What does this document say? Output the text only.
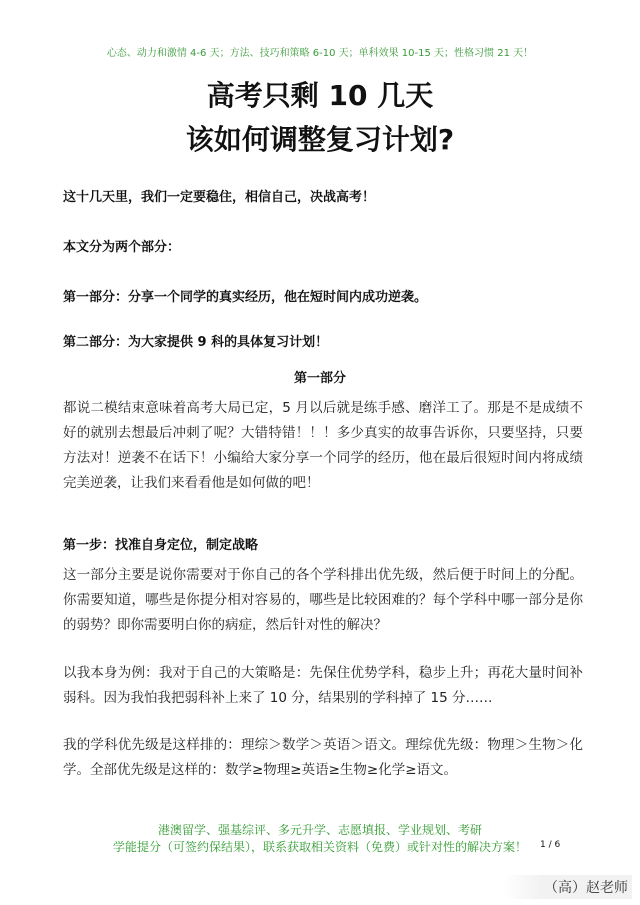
心态、动力和激情 4-6 天；方法、技巧和策略 6-10 天；单科效果 10-15 天；性格习惯 21 天！
高考只剩 10 几天
该如何调整复习计划?
这十几天里，我们一定要稳住，相信自己，决战高考！
本文分为两个部分：
第一部分：分享一个同学的真实经历，他在短时间内成功逆袭。
第二部分：为大家提供 9 科的具体复习计划！
第一部分
都说二模结束意味着高考大局已定，5 月以后就是练手感、磨洋工了。那是不是成绩不好的就别去想最后冲刺了呢？大错特错！！！多少真实的故事告诉你，只要坚持，只要方法对！逆袭不在话下！小编给大家分享一个同学的经历，他在最后很短时间内将成绩完美逆袭，让我们来看看他是如何做的吧！
第一步：找准自身定位，制定战略
这一部分主要是说你需要对于你自己的各个学科排出优先级，然后便于时间上的分配。你需要知道，哪些是你提分相对容易的，哪些是比较困难的？每个学科中哪一部分是你的弱势？即你需要明白你的病症，然后针对性的解决？
以我本身为例：我对于自己的大策略是：先保住优势学科，稳步上升；再花大量时间补弱科。因为我怕我把弱科补上来了 10 分，结果别的学科掉了 15 分……
我的学科优先级是这样排的：理综＞数学＞英语＞语文。理综优先级：物理＞生物＞化学。全部优先级是这样的：数学≥物理≥英语≥生物≥化学≥语文。
港澳留学、强基综评、多元升学、志愿填报、学业规划、考研
学能提分（可签约保结果），联系获取相关资料（免费）或针对性的解决方案！	1 / 6
（高）赵老师
